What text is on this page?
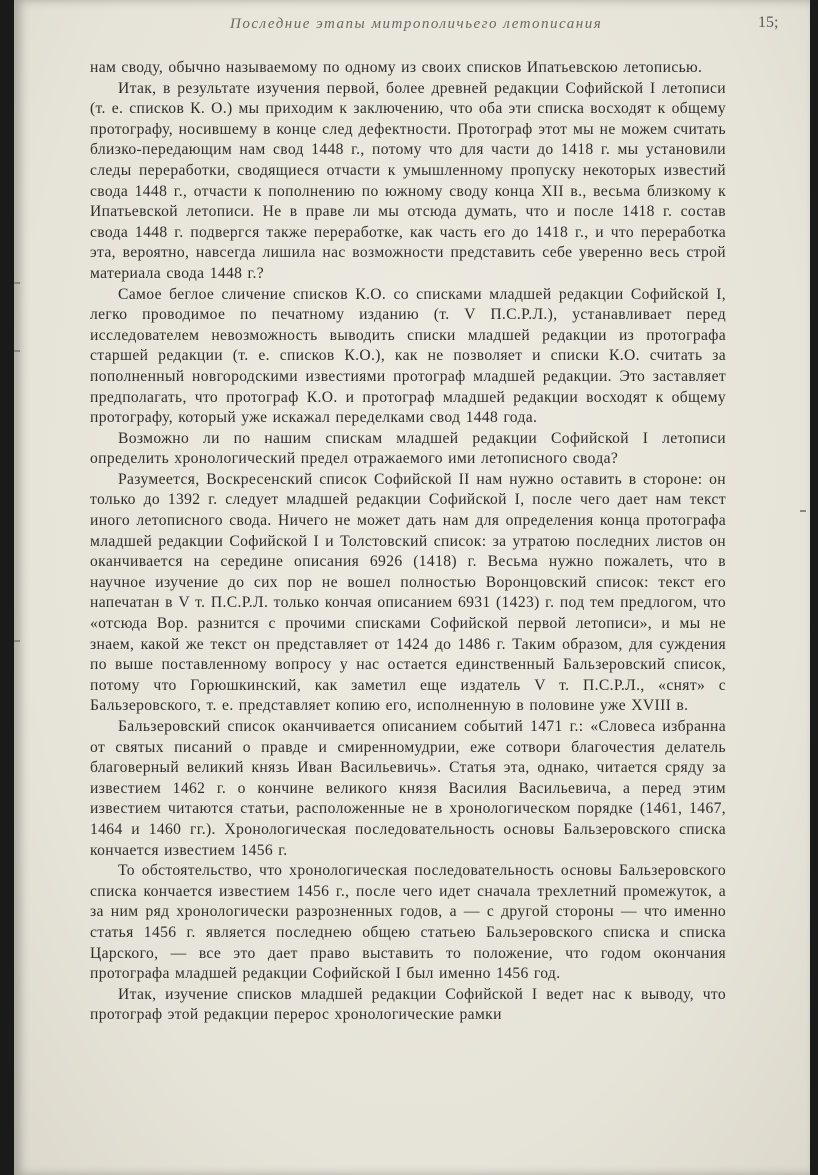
Последние этапы митрополичьего летописания	15;

нам своду, обычно называемому по одному из своих списков Ипатьевскою летописью.

Итак, в результате изучения первой, более древней редакции Софийской I летописи (т. е. списков К. О.) мы приходим к заключению, что оба эти списка восходят к общему протографу, носившему в конце след дефектности. Протограф этот мы не можем считать близко-передающим нам свод 1448 г., потому что для части до 1418 г. мы установили следы переработки, сводящиеся отчасти к умышленному пропуску некоторых известий свода 1448 г., отчасти к пополнению по южному своду конца XII в., весьма близкому к Ипатьевской летописи. Не в праве ли мы отсюда думать, что и после 1418 г. состав свода 1448 г. подвергся также переработке, как часть его до 1418 г., и что переработка эта, вероятно, навсегда лишила нас возможности представить себе уверенно весь строй материала свода 1448 г.?

Самое беглое сличение списков К.О. со списками младшей редакции Софийской I, легко проводимое по печатному изданию (т. V П.С.Р.Л.), устанавливает перед исследователем невозможность выводить списки младшей редакции из протографа старшей редакции (т. е. списков К.О.), как не позволяет и списки К.О. считать за пополненный новгородскими известиями протограф младшей редакции. Это заставляет предполагать, что протограф К.О. и протограф младшей редакции восходят к общему протографу, который уже искажал переделками свод 1448 года.

Возможно ли по нашим спискам младшей редакции Софийской I летописи определить хронологический предел отражаемого ими летописного свода?

Разумеется, Воскресенский список Софийской II нам нужно оставить в стороне: он только до 1392 г. следует младшей редакции Софийской I, после чего дает нам текст иного летописного свода. Ничего не может дать нам для определения конца протографа младшей редакции Софийской I и Толстовский список: за утратою последних листов он оканчивается на середине описания 6926 (1418) г. Весьма нужно пожалеть, что в научное изучение до сих пор не вошел полностью Воронцовский список: текст его напечатан в V т. П.С.Р.Л. только кончая описанием 6931 (1423) г. под тем предлогом, что «отсюда Вор. разнится с прочими списками Софийской первой летописи», и мы не знаем, какой же текст он представляет от 1424 до 1486 г. Таким образом, для суждения по выше поставленному вопросу у нас остается единственный Бальзеровский список, потому что Горюшкинский, как заметил еще издатель V т. П.С.Р.Л., «снят» с Бальзеровского, т. е. представляет копию его, исполненную в половине уже XVIII в.

Бальзеровский список оканчивается описанием событий 1471 г.: «Словеса избранна от святых писаний о правде и смиренномудрии, еже сотвори благочестия делатель благоверный великий князь Иван Васильевичь». Статья эта, однако, читается сряду за известием 1462 г. о кончине великого князя Василия Васильевича, а перед этим известием читаются статьи, расположенные не в хронологическом порядке (1461, 1467, 1464 и 1460 гг.). Хронологическая последовательность основы Бальзеровского списка кончается известием 1456 г.

То обстоятельство, что хронологическая последовательность основы Бальзеровского списка кончается известием 1456 г., после чего идет сначала трехлетний промежуток, а за ним ряд хронологически разрозненных годов, а — с другой стороны — что именно статья 1456 г. является последнею общею статьею Бальзеровского списка и списка Царского, — все это дает право выставить то положение, что годом окончания протографа младшей редакции Софийской I был именно 1456 год.

Итак, изучение списков младшей редакции Софийской I ведет нас к выводу, что протограф этой редакции перерос хронологические рамки
